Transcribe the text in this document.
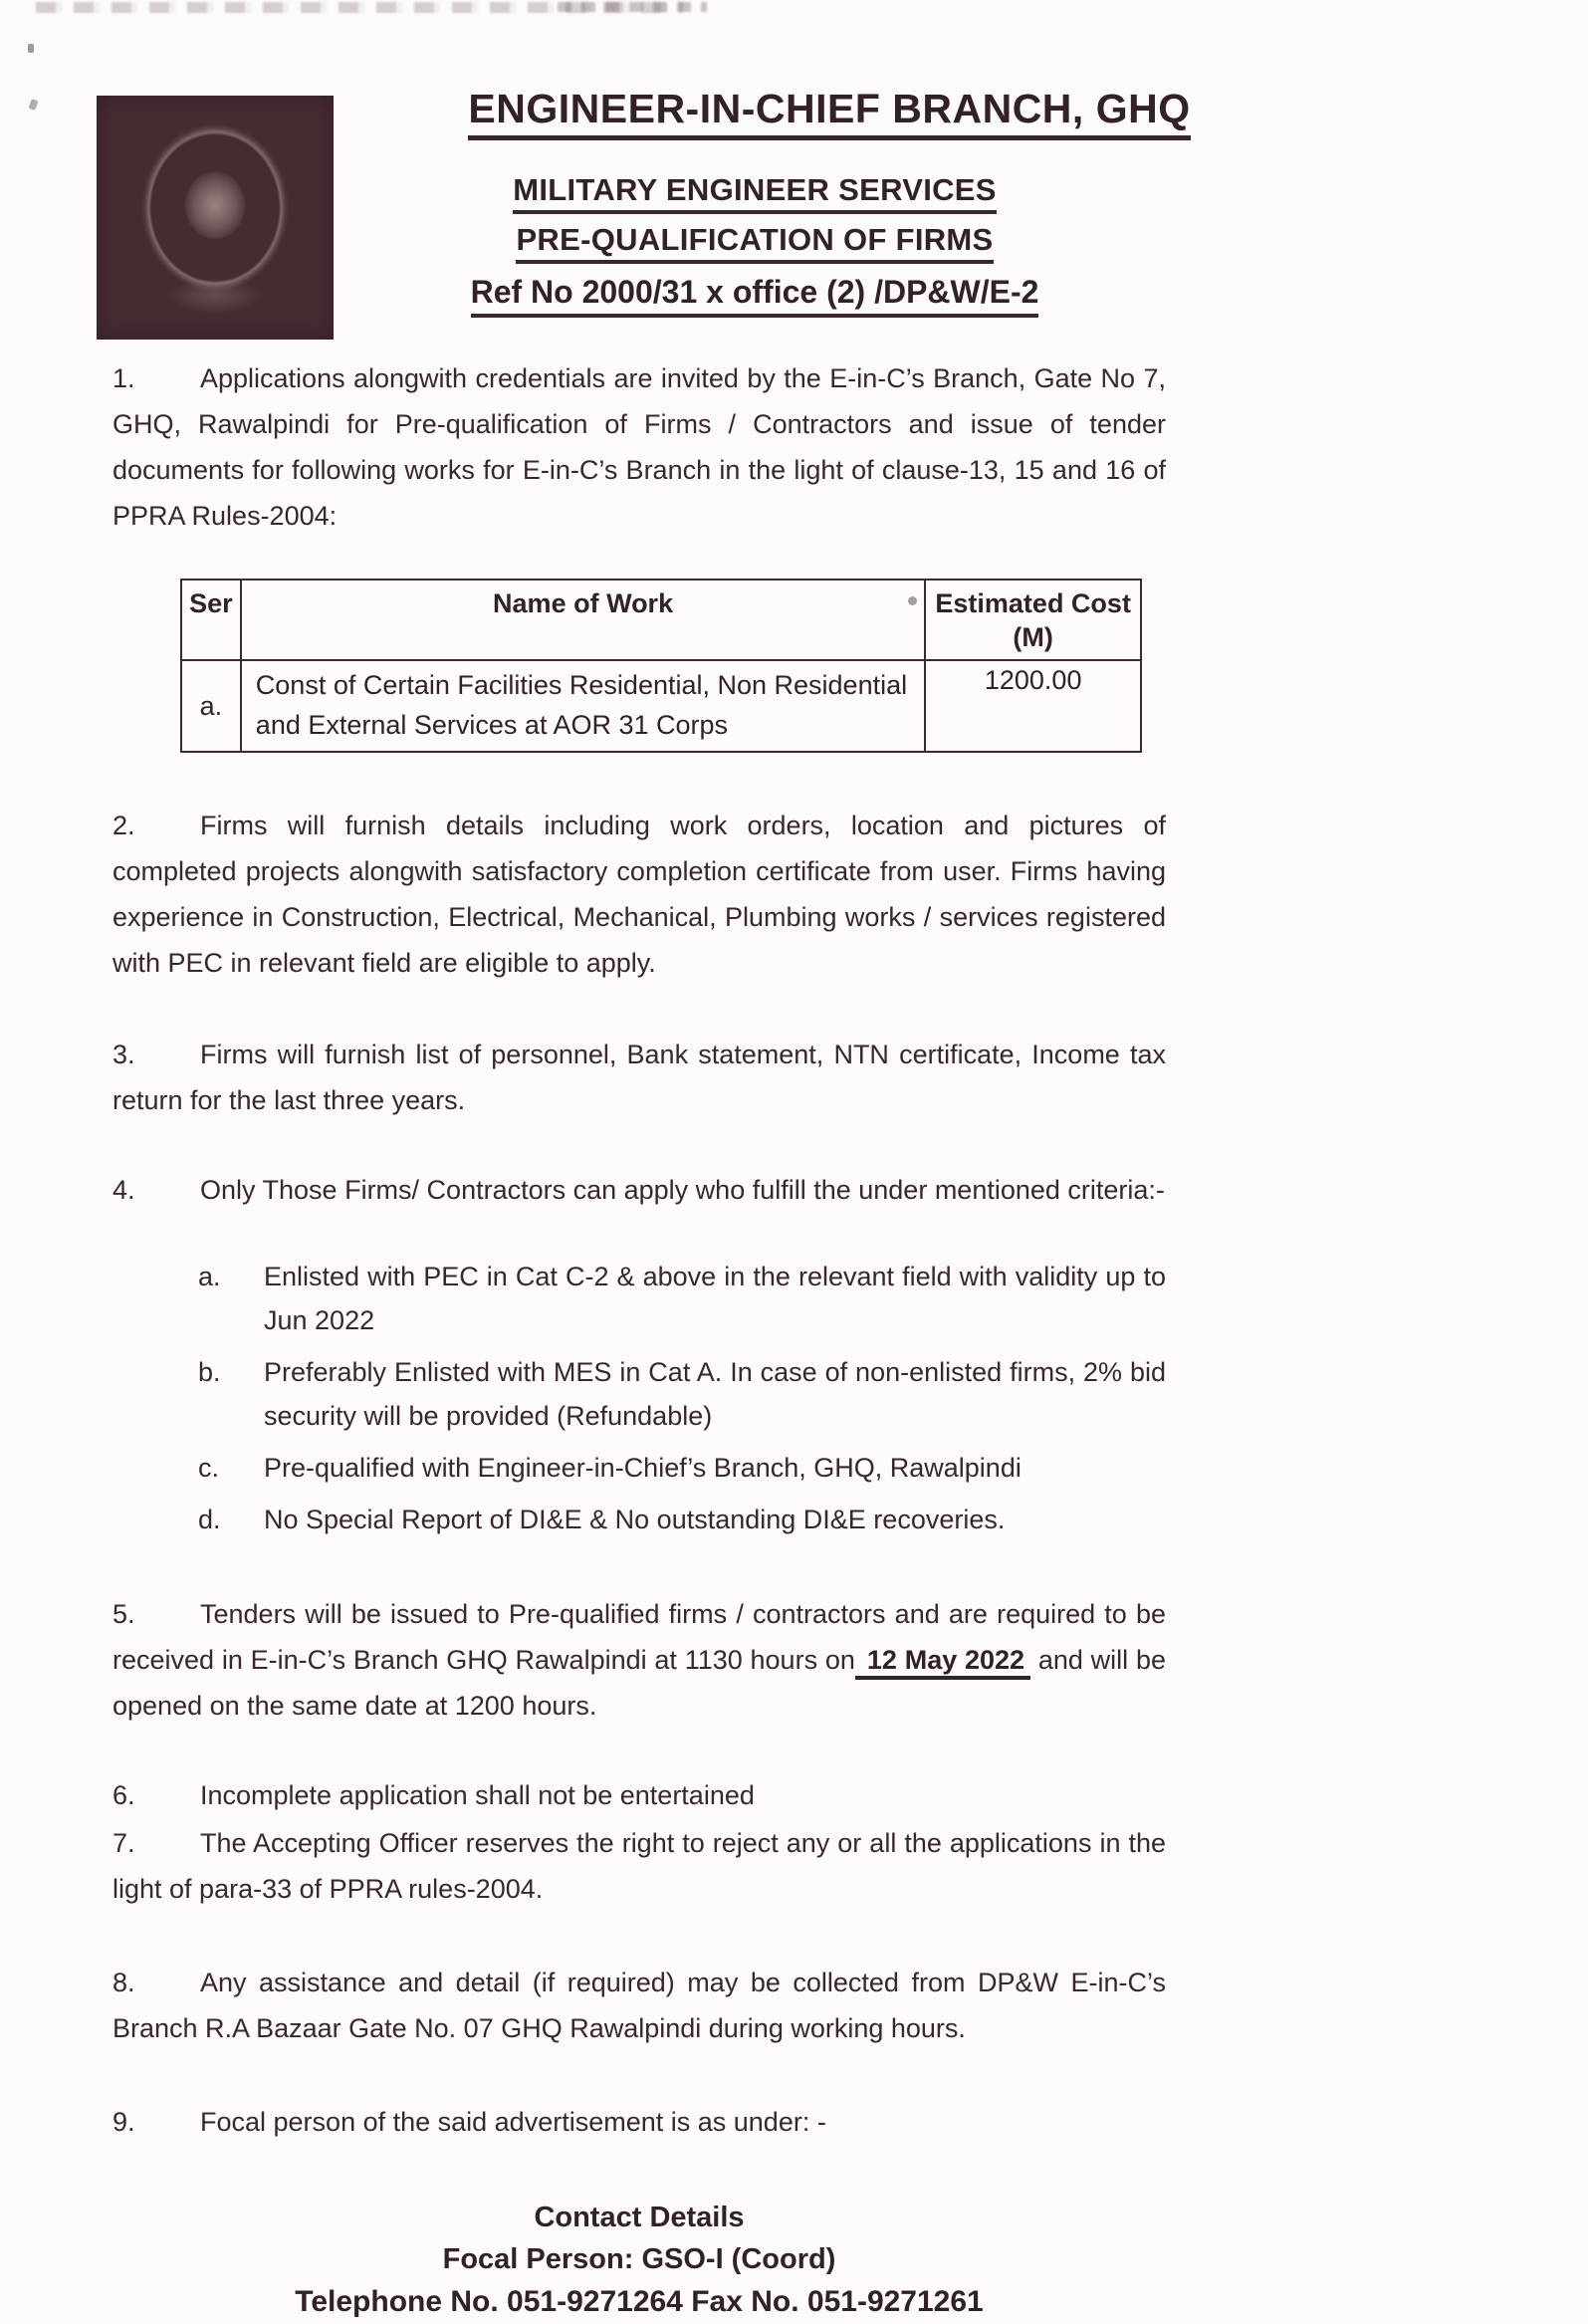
ENGINEER-IN-CHIEF BRANCH, GHQ
MILITARY ENGINEER SERVICES
PRE-QUALIFICATION OF FIRMS
Ref No 2000/31 x office (2) /DP&W/E-2

1. Applications alongwith credentials are invited by the E-in-C’s Branch, Gate No 7, GHQ, Rawalpindi for Pre-qualification of Firms / Contractors and issue of tender documents for following works for E-in-C’s Branch in the light of clause-13, 15 and 16 of PPRA Rules-2004:

Ser	Name of Work	Estimated Cost
(M)

a.	Const of Certain Facilities Residential, Non Residential and External Services at AOR 31 Corps	1200.00

2. Firms will furnish details including work orders, location and pictures of completed projects alongwith satisfactory completion certificate from user. Firms having experience in Construction, Electrical, Mechanical, Plumbing works / services registered with PEC in relevant field are eligible to apply.

3. Firms will furnish list of personnel, Bank statement, NTN certificate, Income tax return for the last three years.

4. Only Those Firms/ Contractors can apply who fulfill the under mentioned criteria:-

a.	Enlisted with PEC in Cat C-2 & above in the relevant field with validity up to Jun 2022
b.	Preferably Enlisted with MES in Cat A. In case of non-enlisted firms, 2% bid security will be provided (Refundable)
c.	Pre-qualified with Engineer-in-Chief’s Branch, GHQ, Rawalpindi
d.	No Special Report of DI&E & No outstanding DI&E recoveries.

5. Tenders will be issued to Pre-qualified firms / contractors and are required to be received in E-in-C’s Branch GHQ Rawalpindi at 1130 hours on 12 May 2022 and will be opened on the same date at 1200 hours.

6. Incomplete application shall not be entertained

7. The Accepting Officer reserves the right to reject any or all the applications in the light of para-33 of PPRA rules-2004.

8. Any assistance and detail (if required) may be collected from DP&W E-in-C’s Branch R.A Bazaar Gate No. 07 GHQ Rawalpindi during working hours.

9. Focal person of the said advertisement is as under: -

Contact Details
Focal Person: GSO-I (Coord)
Telephone No. 051-9271264 Fax No. 051-9271261
